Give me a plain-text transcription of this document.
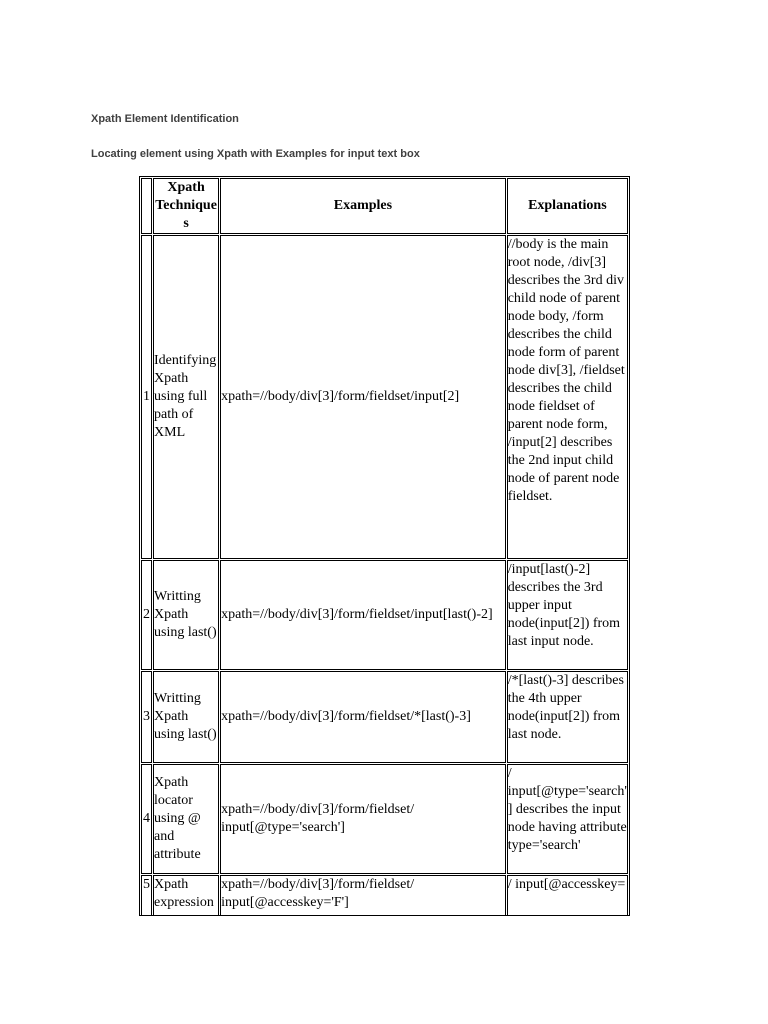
Xpath Element Identification
Locating element using Xpath with Examples for input text box
	Xpath Techniques	Examples	Explanations
1	Identifying Xpath using full path of XML	xpath=//body/div[3]/form/fieldset/input[2]	//body is the main root node, /div[3] describes the 3rd div child node of parent node body, /form describes the child node form of parent node div[3], /fieldset describes the child node fieldset of parent node form, /input[2] describes the 2nd input child node of parent node fieldset.
2	Writting Xpath using last()	xpath=//body/div[3]/form/fieldset/input[last()-2]	/input[last()-2] describes the 3rd upper input node(input[2]) from last input node.
3	Writting Xpath using last()	xpath=//body/div[3]/form/fieldset/*[last()-3]	/*[last()-3] describes the 4th upper node(input[2]) from last node.
4	Xpath locator using @ and attribute	xpath=//body/div[3]/form/fieldset/ input[@type='search']	/ input[@type='search'] describes the input node having attribute type='search'
5	Xpath expression	xpath=//body/div[3]/form/fieldset/ input[@accesskey='F']	/ input[@accesskey=
